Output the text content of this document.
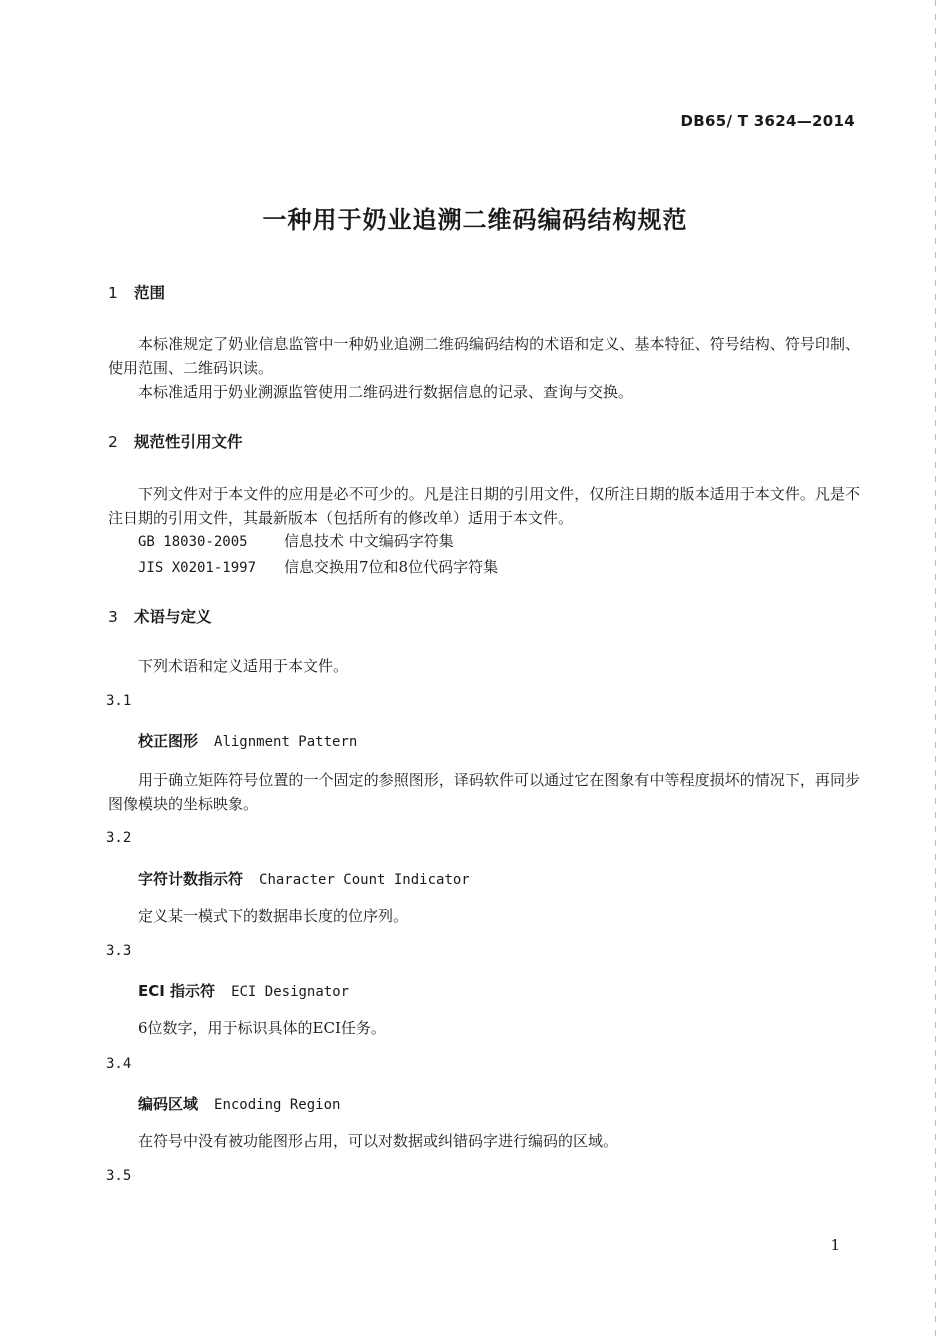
DB65/ T 3624—2014
一种用于奶业追溯二维码编码结构规范
1 范围
本标准规定了奶业信息监管中一种奶业追溯二维码编码结构的术语和定义、基本特征、符号结构、符号印制、使用范围、二维码识读。
本标准适用于奶业溯源监管使用二维码进行数据信息的记录、查询与交换。
2 规范性引用文件
下列文件对于本文件的应用是必不可少的。凡是注日期的引用文件，仅所注日期的版本适用于本文件。凡是不注日期的引用文件，其最新版本（包括所有的修改单）适用于本文件。
GB 18030-2005 信息技术 中文编码字符集
JIS X0201-1997 信息交换用7位和8位代码字符集
3 术语与定义
下列术语和定义适用于本文件。
3.1
校正图形 Alignment Pattern
用于确立矩阵符号位置的一个固定的参照图形，译码软件可以通过它在图象有中等程度损坏的情况下，再同步图像模块的坐标映象。
3.2
字符计数指示符 Character Count Indicator
定义某一模式下的数据串长度的位序列。
3.3
ECI 指示符 ECI Designator
6位数字，用于标识具体的ECI任务。
3.4
编码区域 Encoding Region
在符号中没有被功能图形占用，可以对数据或纠错码字进行编码的区域。
3.5
1
